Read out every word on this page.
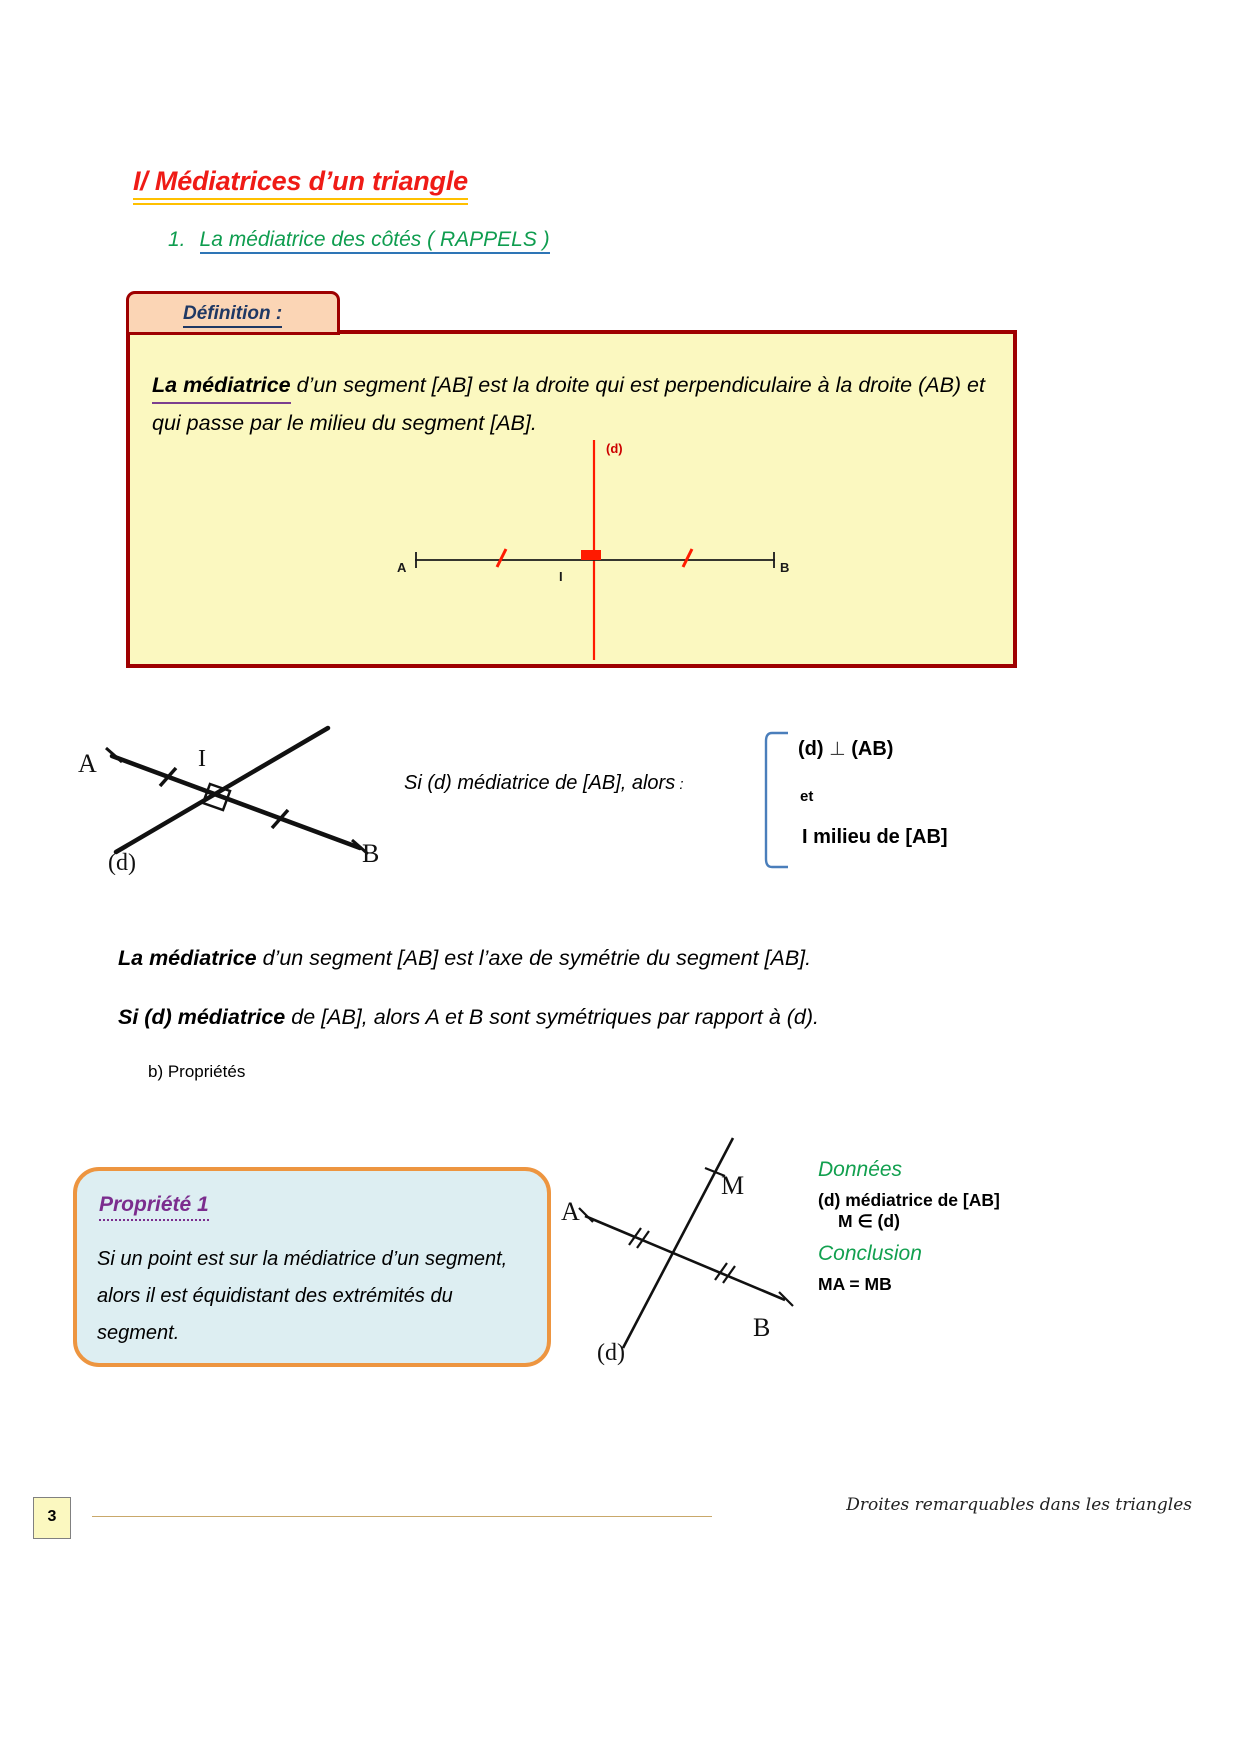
I/ Médiatrices d’un triangle
1. La médiatrice des côtés ( RAPPELS )
Définition :
La médiatrice d’un segment [AB] est la droite qui est perpendiculaire à la droite (AB) et qui passe par le milieu du segment [AB].
A	B
I
(d)
A
B
I
(d)
Si (d) médiatrice de [AB], alors :
(d) ⊥ (AB)
et
I milieu de [AB]
La médiatrice d’un segment [AB] est l’axe de symétrie du segment [AB].
Si (d) médiatrice de [AB], alors A et B sont symétriques par rapport à (d).
b) Propriétés
Propriété 1
Si un point est sur la médiatrice d’un segment, alors il est équidistant des extrémités du segment.
A
B
M
(d)

Données

(d) médiatrice de [AB]

M ∈ (d)

Conclusion

MA = MB

3
Droites remarquables dans les triangles
